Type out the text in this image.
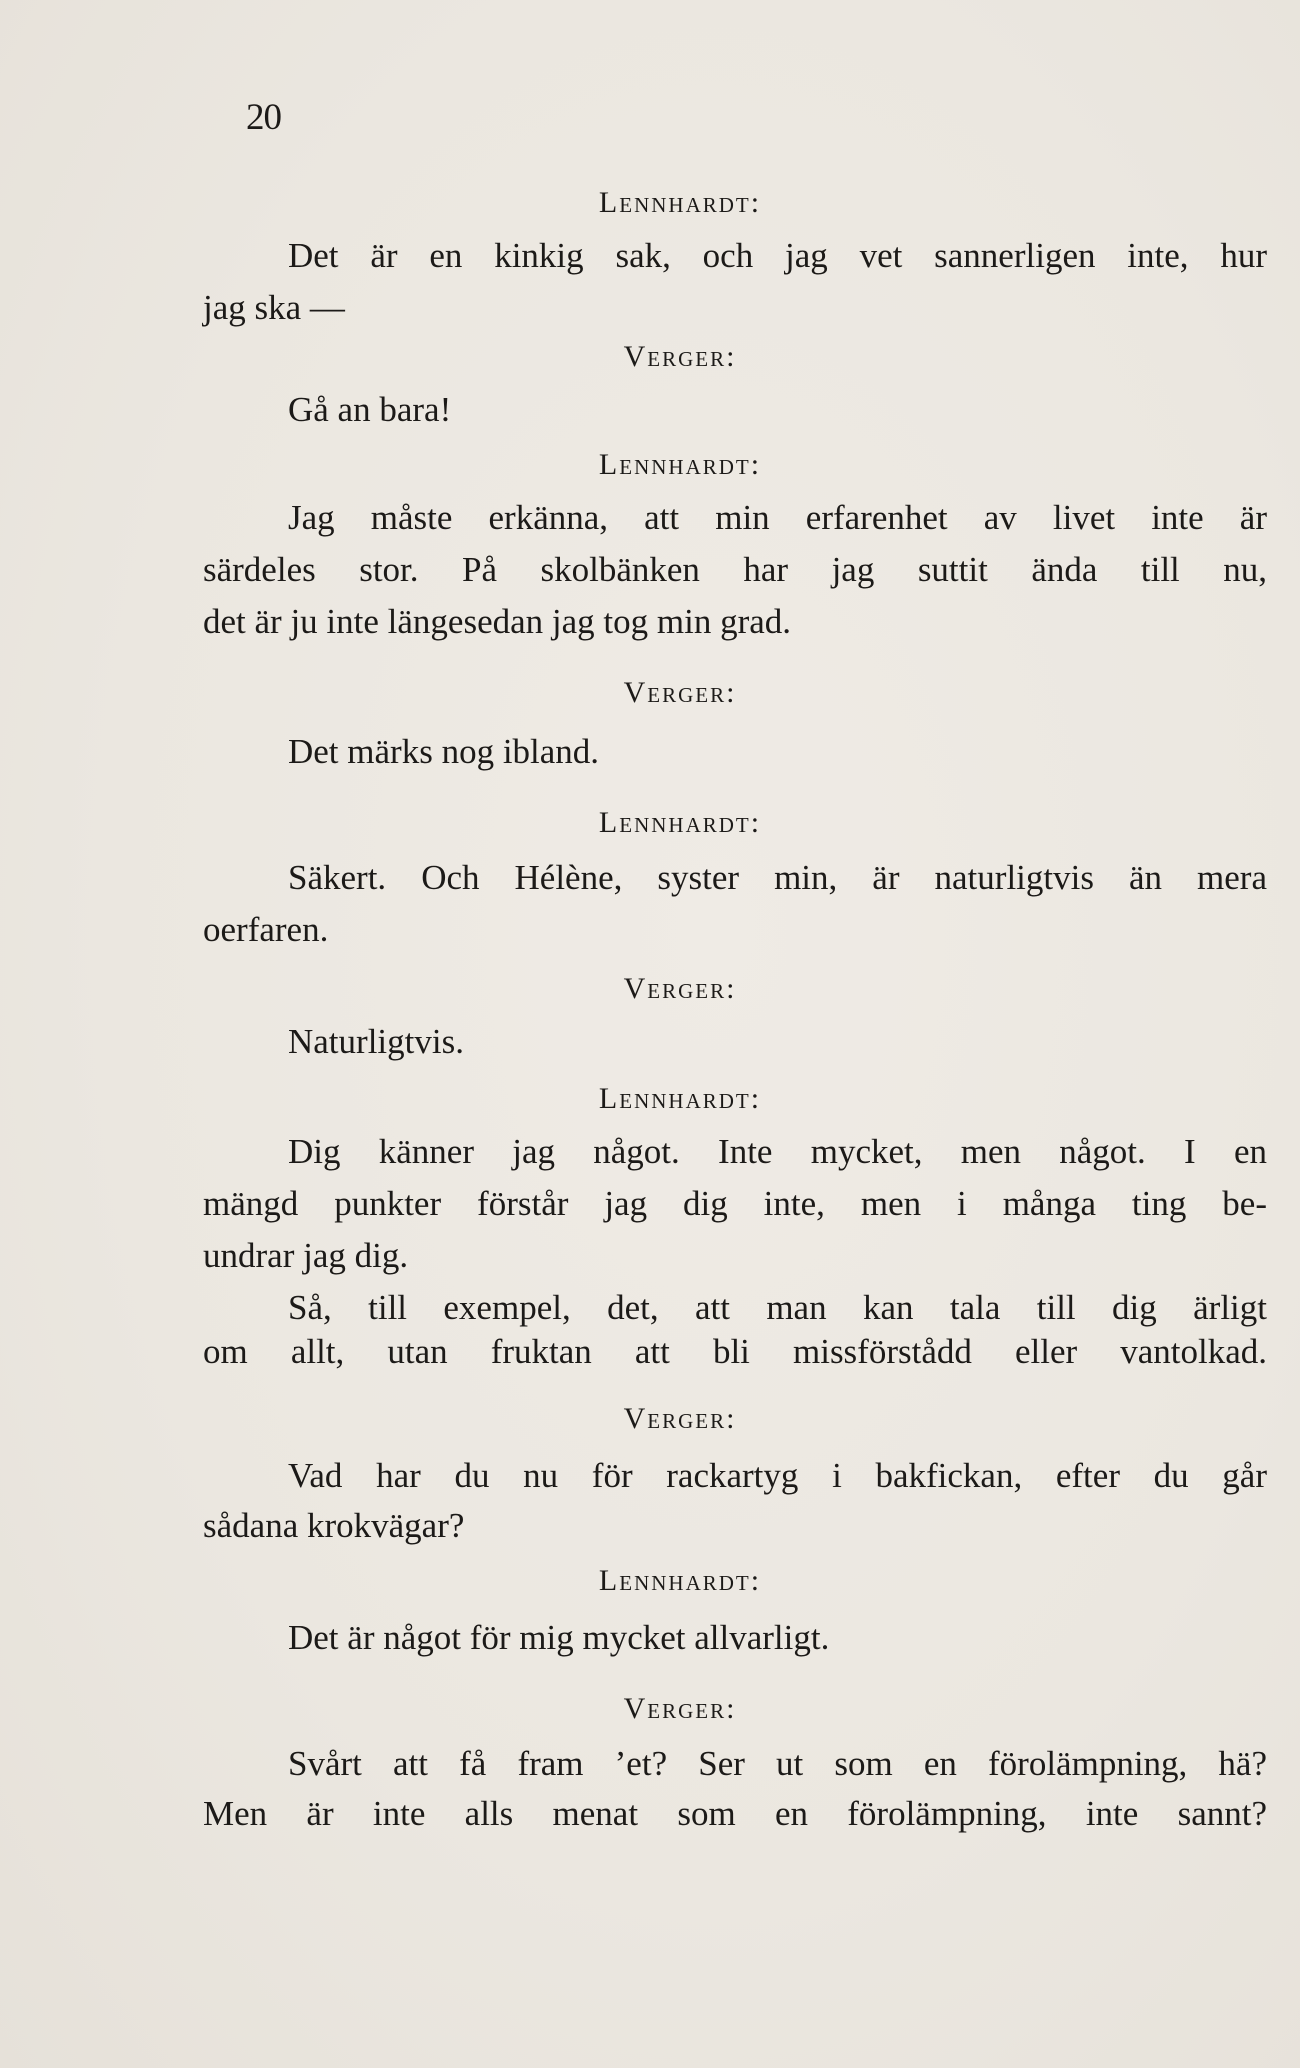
20
Lennhardt:
Det är en kinkig sak, och jag vet sannerligen inte, hur
jag ska —
Verger:
Gå an bara!
Lennhardt:
Jag måste erkänna, att min erfarenhet av livet inte är
särdeles stor. På skolbänken har jag suttit ända till nu,
det är ju inte längesedan jag tog min grad.
Verger:
Det märks nog ibland.
Lennhardt:
Säkert. Och Hélène, syster min, är naturligtvis än mera
oerfaren.
Verger:
Naturligtvis.
Lennhardt:
Dig känner jag något. Inte mycket, men något. I en
mängd punkter förstår jag dig inte, men i många ting be-
undrar jag dig.
Så, till exempel, det, att man kan tala till dig ärligt
om allt, utan fruktan att bli missförstådd eller vantolkad.
Verger:
Vad har du nu för rackartyg i bakfickan, efter du går
sådana krokvägar?
Lennhardt:
Det är något för mig mycket allvarligt.
Verger:
Svårt att få fram ’et? Ser ut som en förolämpning, hä?
Men är inte alls menat som en förolämpning, inte sannt?
